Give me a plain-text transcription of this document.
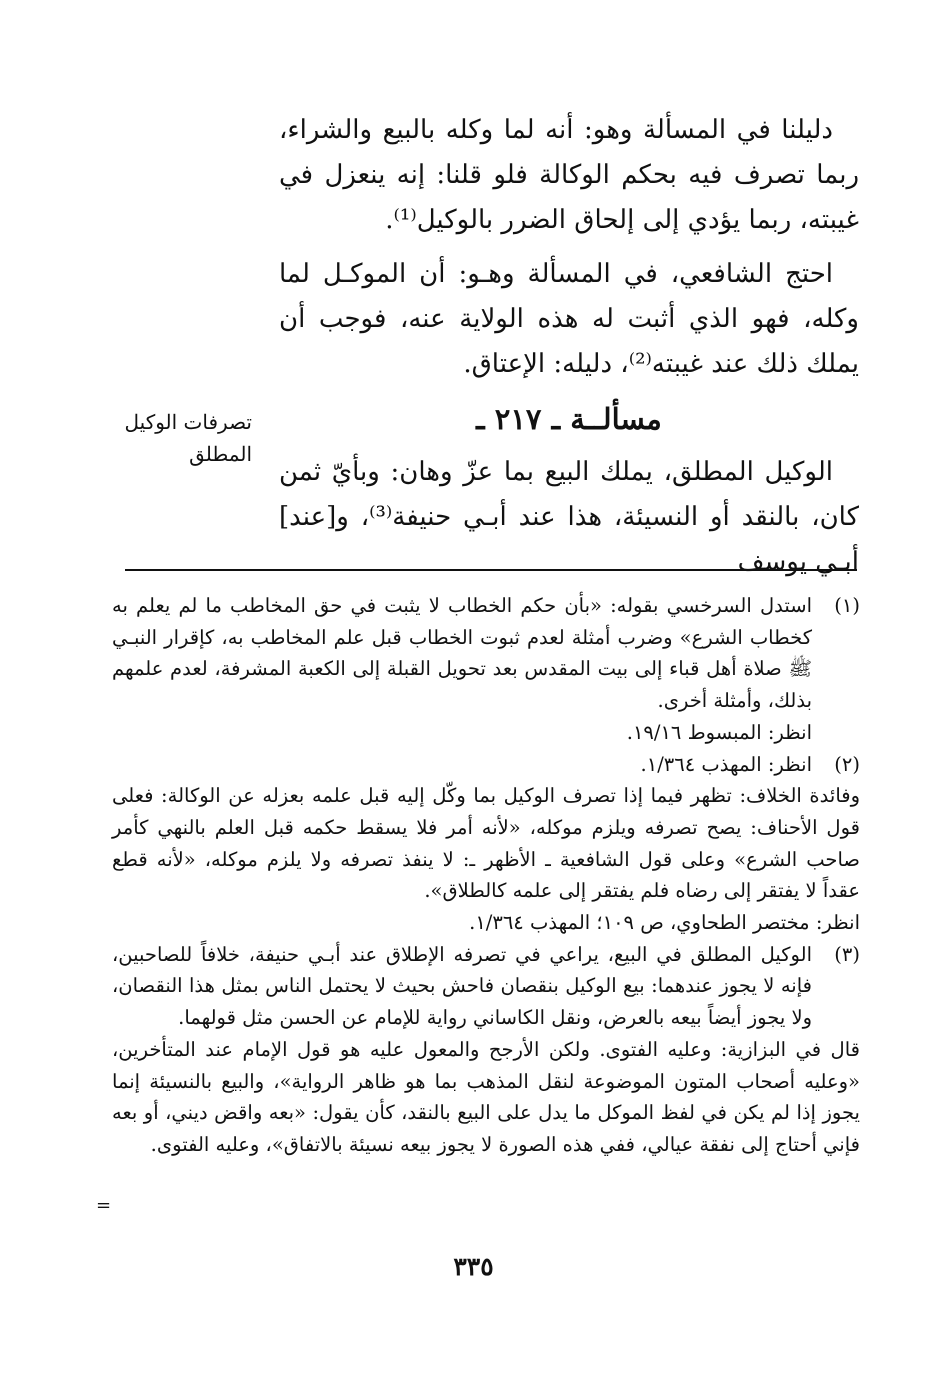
دليلنا في المسألة وهو: أنه لما وكله بالبيع والشراء، ربما تصرف فيه بحكم الوكالة فلو قلنا: إنه ينعزل في غيبته، ربما يؤدي إلى إلحاق الضرر بالوكيل⁽¹⁾.

احتج الشافعي، في المسألة وهـو: أن الموكـل لما وكله، فهو الذي أثبت له هذه الولاية عنه، فوجب أن يملك ذلك عند غيبته⁽²⁾، دليله: الإعتاق.

مسألــة ـ ٢١٧ ـ
تصرفات الوكيل
المطلق

الوكيل المطلق، يملك البيع بما عزّ وهان: وبأيّ ثمن كان، بالنقد أو النسيئة، هذا عند أبـي حنيفة⁽³⁾، و[عند] أبـي يوسف

(١)

استدل السرخسي بقوله: «بأن حكم الخطاب لا يثبت في حق المخاطب ما لم يعلم به كخطاب الشرع» وضرب أمثلة لعدم ثبوت الخطاب قبل علم المخاطب به، كإقرار النبـي ﷺ صلاة أهل قباء إلى بيت المقدس بعد تحويل القبلة إلى الكعبة المشرفة، لعدم علمهم بذلك، وأمثلة أخرى.

انظر: المبسوط ١٩/١٦.

(٢)

انظر: المهذب ١/٣٦٤.

وفائدة الخلاف: تظهر فيما إذا تصرف الوكيل بما وكّل إليه قبل علمه بعزله عن الوكالة: فعلى قول الأحناف: يصح تصرفه ويلزم موكله، «لأنه أمر فلا يسقط حكمه قبل العلم بالنهي كأمر صاحب الشرع» وعلى قول الشافعية ـ الأظهر ـ: لا ينفذ تصرفه ولا يلزم موكله، «لأنه قطع عقداً لا يفتقر إلى رضاه فلم يفتقر إلى علمه كالطلاق».

انظر: مختصر الطحاوي، ص ١٠٩؛ المهذب ١/٣٦٤.

(٣)

الوكيل المطلق في البيع، يراعي في تصرفه الإطلاق عند أبـي حنيفة، خلافاً للصاحبين، فإنه لا يجوز عندهما: بيع الوكيل بنقصان فاحش بحيث لا يحتمل الناس بمثل هذا النقصان، ولا يجوز أيضاً بيعه بالعرض، ونقل الكاساني رواية للإمام عن الحسن مثل قولهما.

قال في البزازية: وعليه الفتوى. ولكن الأرجح والمعول عليه هو قول الإمام عند المتأخرين، «وعليه أصحاب المتون الموضوعة لنقل المذهب بما هو ظاهر الرواية»، والبيع بالنسيئة إنما يجوز إذا لم يكن في لفظ الموكل ما يدل على البيع بالنقد، كأن يقول: «بعه واقض ديني، أو بعه فإني أحتاج إلى نفقة عيالي، ففي هذه الصورة لا يجوز بيعه نسيئة بالاتفاق»، وعليه الفتوى.

=
٣٣٥
